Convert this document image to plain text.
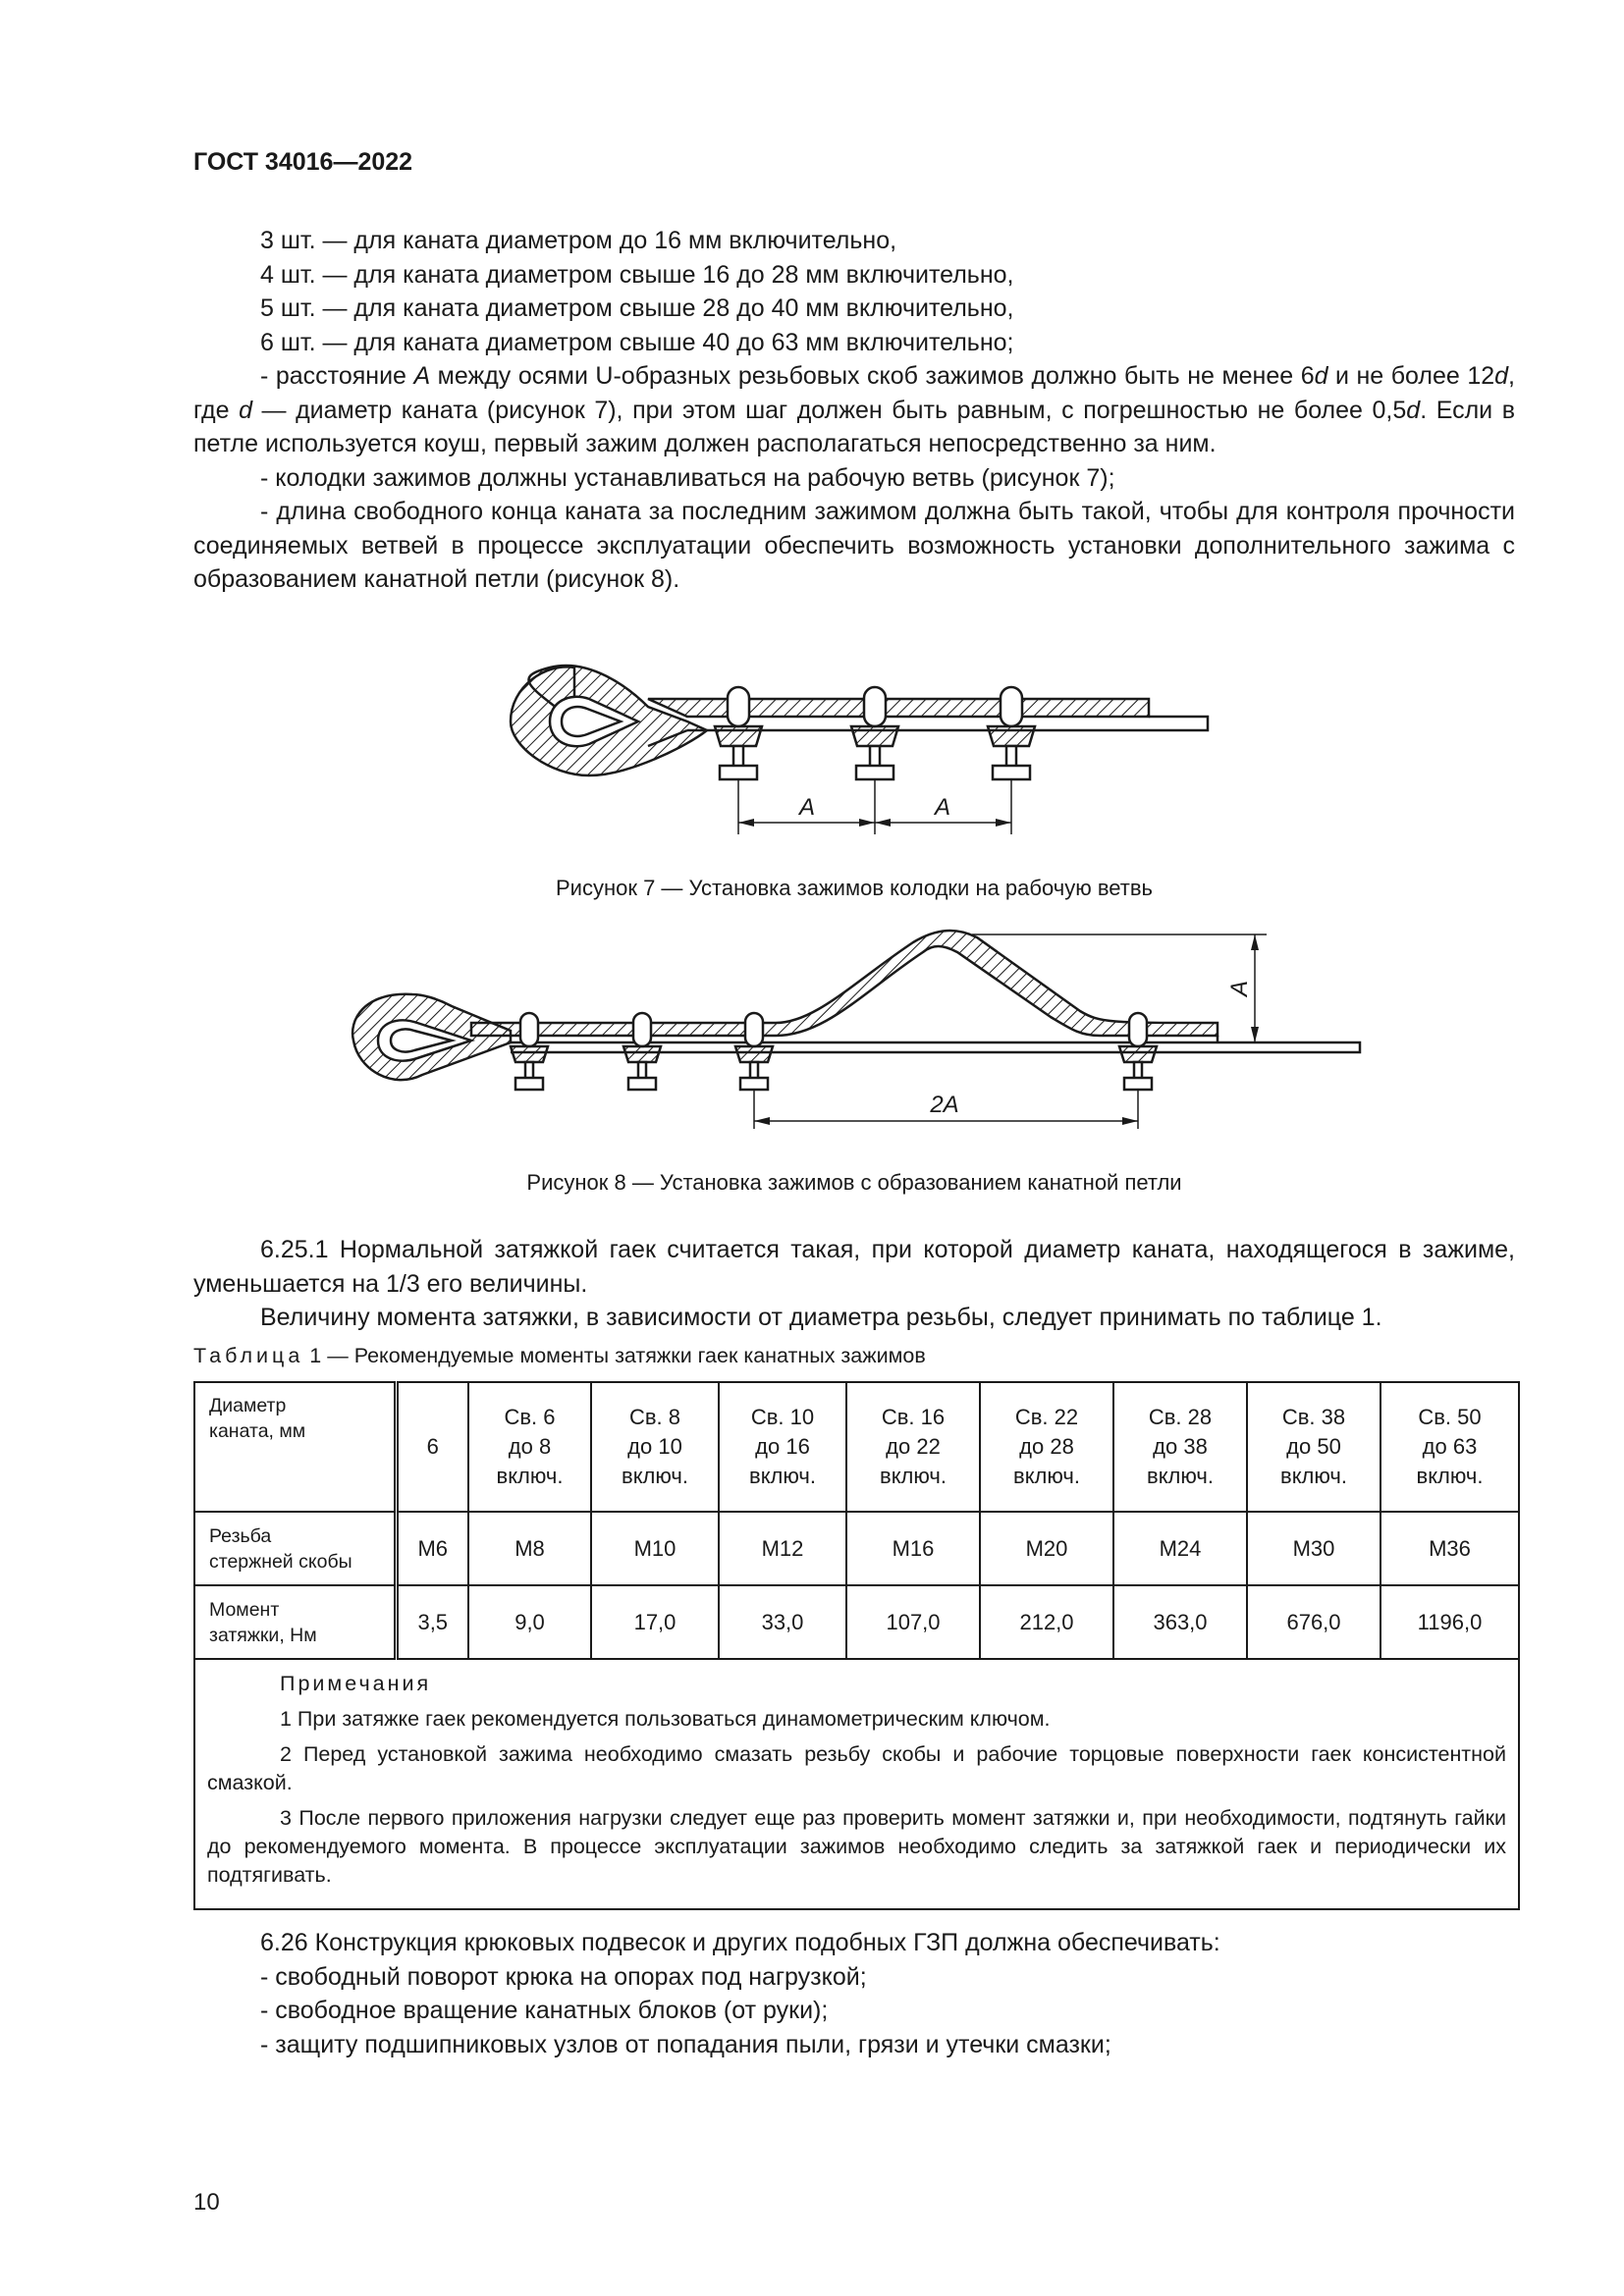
ГОСТ 34016—2022

3 шт. — для каната диаметром до 16 мм включительно,

4 шт. — для каната диаметром свыше 16 до 28 мм включительно,

5 шт. — для каната диаметром свыше 28 до 40 мм включительно,

6 шт. — для каната диаметром свыше 40 до 63 мм включительно;

- расстояние A между осями U-образных резьбовых скоб зажимов должно быть не менее 6d и не более 12d, где d — диаметр каната (рисунок 7), при этом шаг должен быть равным, с погрешностью не более 0,5d. Если в петле используется коуш, первый зажим должен располагаться непосредственно за ним.

- колодки зажимов должны устанавливаться на рабочую ветвь (рисунок 7);

- длина свободного конца каната за последним зажимом должна быть такой, чтобы для контроля прочности соединяемых ветвей в процессе эксплуатации обеспечить возможность установки дополнительного зажима с образованием канатной петли (рисунок 8).

A	A
Рисунок 7 — Установка зажимов колодки на рабочую ветвь
2A
A
Рисунок 8 — Установка зажимов с образованием канатной петли

6.25.1 Нормальной затяжкой гаек считается такая, при которой диаметр каната, находящегося в зажиме, уменьшается на 1/3 его величины.

Величину момента затяжки, в зависимости от диаметра резьбы, следует принимать по таблице 1.

Таблица 1 — Рекомендуемые моменты затяжки гаек канатных зажимов
Диаметр
каната, мм	6	Св. 6
до 8
включ.	Св. 8
до 10
включ.	Св. 10
до 16
включ.	Св. 16
до 22
включ.	Св. 22
до 28
включ.	Св. 28
до 38
включ.	Св. 38
до 50
включ.	Св. 50
до 63
включ.
Резьба
стержней скобы	М6	М8	М10	М12	М16	М20	М24	М30	М36
Момент
затяжки, Нм	3,5	9,0	17,0	33,0	107,0	212,0	363,0	676,0	1196,0

Примечания

1 При затяжке гаек рекомендуется пользоваться динамометрическим ключом.

2 Перед установкой зажима необходимо смазать резьбу скобы и рабочие торцовые поверхности гаек консистентной смазкой.

3 После первого приложения нагрузки следует еще раз проверить момент затяжки и, при необходимости, подтянуть гайки до рекомендуемого момента. В процессе эксплуатации зажимов необходимо следить за затяжкой гаек и периодически их подтягивать.									

6.26 Конструкция крюковых подвесок и других подобных ГЗП должна обеспечивать:

- свободный поворот крюка на опорах под нагрузкой;

- свободное вращение канатных блоков (от руки);

- защиту подшипниковых узлов от попадания пыли, грязи и утечки смазки;

10
